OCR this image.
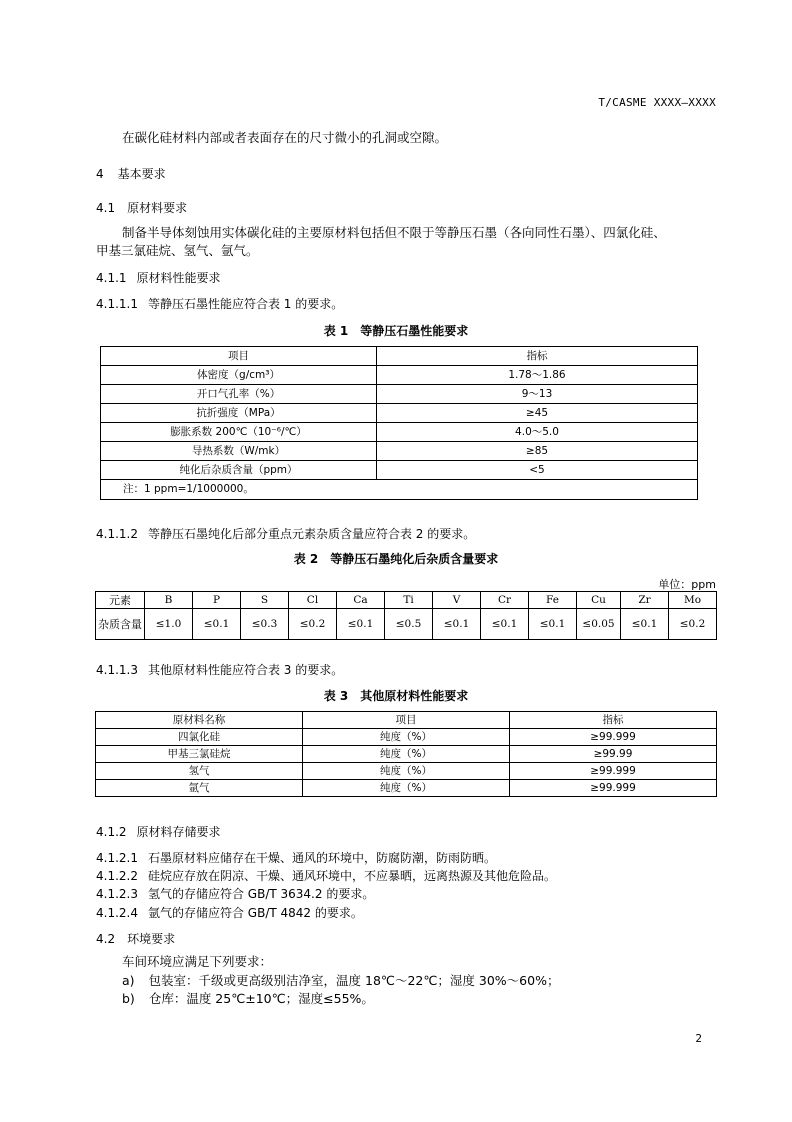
T/CASME XXXX—XXXX
在碳化硅材料内部或者表面存在的尺寸微小的孔洞或空隙。
4 基本要求
4.1 原材料要求
制备半导体刻蚀用实体碳化硅的主要原材料包括但不限于等静压石墨（各向同性石墨）、四氯化硅、
甲基三氯硅烷、氢气、氩气。
4.1.1 原材料性能要求
4.1.1.1 等静压石墨性能应符合表 1 的要求。
表 1　等静压石墨性能要求
项目	指标
体密度（g/cm³）	1.78～1.86
开口气孔率（%）	9～13
抗折强度（MPa）	≥45
膨胀系数 200℃（10⁻⁶/℃）	4.0～5.0
导热系数（W/mk）	≥85
纯化后杂质含量（ppm）	<5
注：1 ppm=1/1000000。	
4.1.1.2 等静压石墨纯化后部分重点元素杂质含量应符合表 2 的要求。
表 2　等静压石墨纯化后杂质含量要求
单位：ppm
元素	B	P	S	Cl	Ca	Ti	V	Cr	Fe	Cu	Zr	Mo
杂质含量	≤1.0	≤0.1	≤0.3	≤0.2	≤0.1	≤0.5	≤0.1	≤0.1	≤0.1	≤0.05	≤0.1	≤0.2
4.1.1.3 其他原材料性能应符合表 3 的要求。
表 3　其他原材料性能要求
原材料名称	项目	指标
四氯化硅	纯度（%）	≥99.999
甲基三氯硅烷	纯度（%）	≥99.99
氢气	纯度（%）	≥99.999
氩气	纯度（%）	≥99.999
4.1.2 原材料存储要求
4.1.2.1 石墨原材料应储存在干燥、通风的环境中，防腐防潮，防雨防晒。
4.1.2.2 硅烷应存放在阴凉、干燥、通风环境中，不应暴晒，远离热源及其他危险品。
4.1.2.3 氢气的存储应符合 GB/T 3634.2 的要求。
4.1.2.4 氩气的存储应符合 GB/T 4842 的要求。
4.2 环境要求
车间环境应满足下列要求：
a) 包装室：千级或更高级别洁净室，温度 18℃～22℃；湿度 30%～60%；
b) 仓库：温度 25℃±10℃；湿度≤55%。
2
